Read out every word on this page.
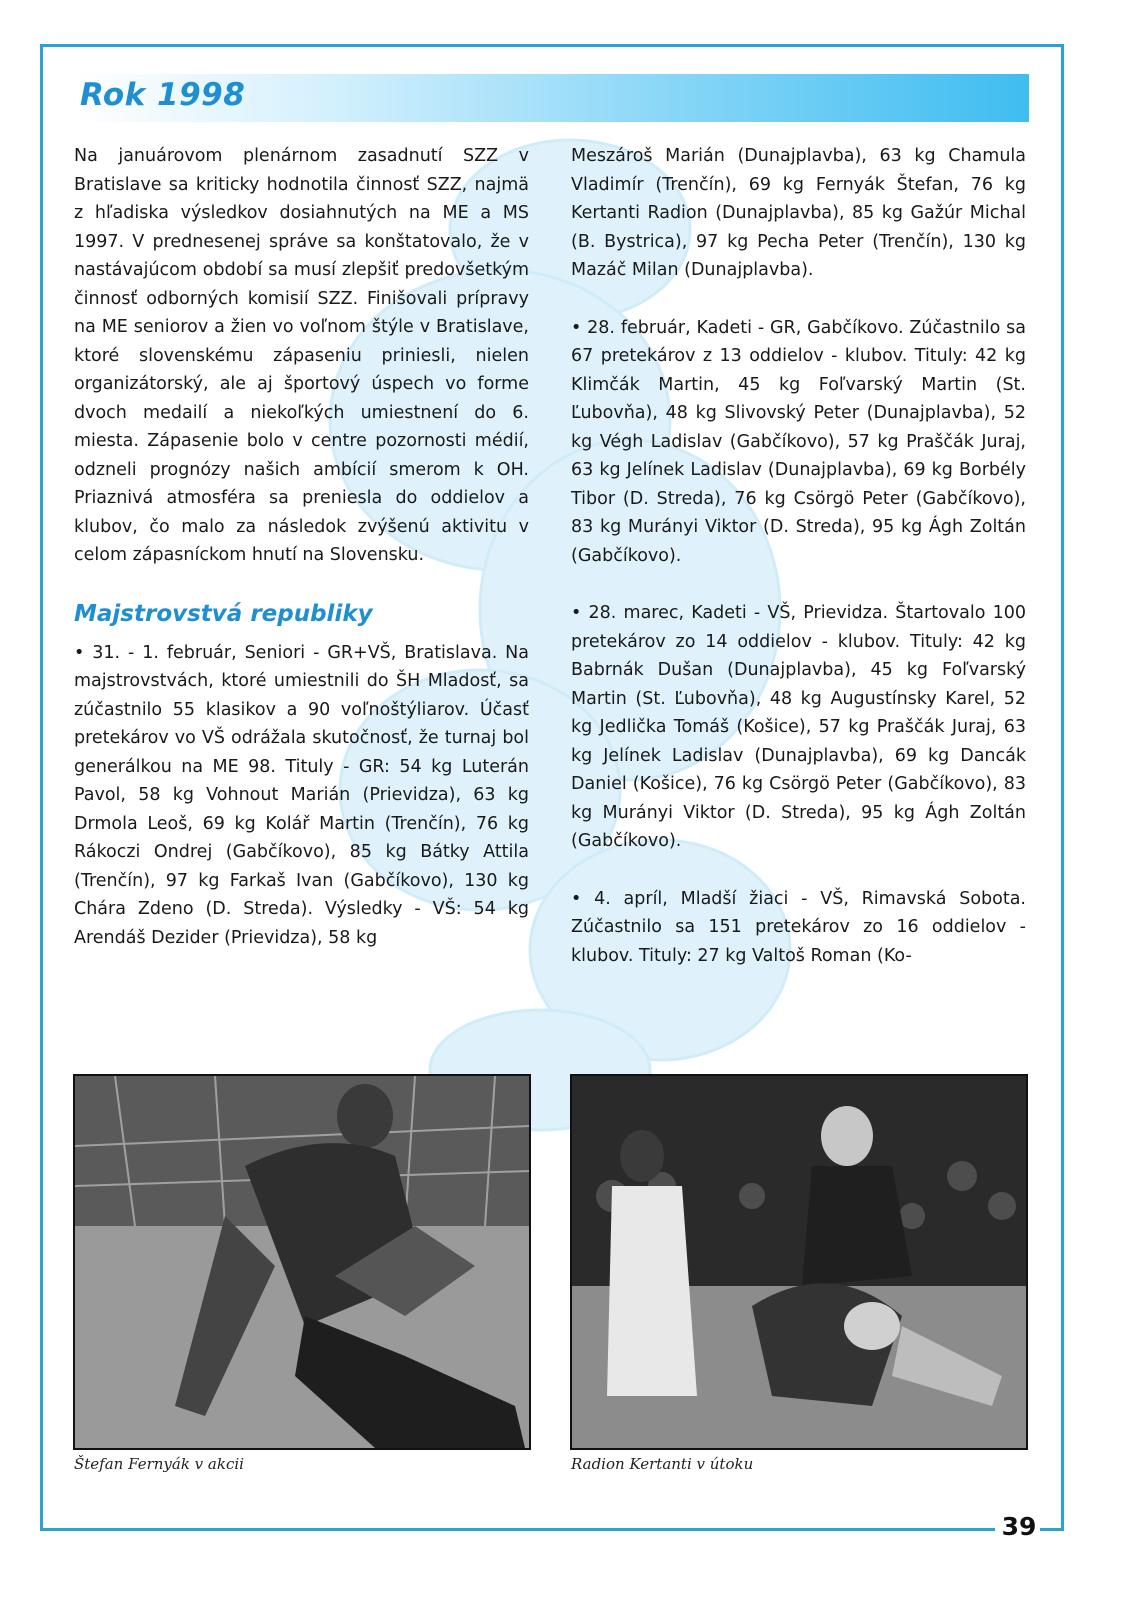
Rok 1998

Na januárovom plenárnom zasadnutí SZZ v Bratislave sa kriticky hodnotila činnosť SZZ, najmä z hľadiska výsledkov dosiahnutých na ME a MS 1997. V prednesenej správe sa konštatovalo, že v nastávajúcom období sa musí zlepšiť predovšetkým činnosť odborných komisií SZZ. Finišovali prípravy na ME seniorov a žien vo voľnom štýle v Bratislave, ktoré slovenskému zápaseniu priniesli, nielen organizátorský, ale aj športový úspech vo forme dvoch medailí a niekoľkých umiestnení do 6. miesta. Zápasenie bolo v centre pozornosti médií, odzneli prognózy našich ambícií smerom k OH. Priaznivá atmosféra sa preniesla do oddielov a klubov, čo malo za následok zvýšenú aktivitu v celom zápasníckom hnutí na Slovensku.

Majstrovstvá republiky

• 31. - 1. február, Seniori - GR+VŠ, Bratislava. Na majstrovstvách, ktoré umiestnili do ŠH Mladosť, sa zúčastnilo 55 klasikov a 90 voľnoštýliarov. Účasť pretekárov vo VŠ odrážala skutočnosť, že turnaj bol generálkou na ME 98. Tituly - GR: 54 kg Luterán Pavol, 58 kg Vohnout Marián (Prievidza), 63 kg Drmola Leoš, 69 kg Kolář Martin (Trenčín), 76 kg Rákoczi Ondrej (Gabčíkovo), 85 kg Bátky Attila (Trenčín), 97 kg Farkaš Ivan (Gabčíkovo), 130 kg Chára Zdeno (D. Streda). Výsledky - VŠ: 54 kg Arendáš Dezider (Prievidza), 58 kg

Meszároš Marián (Dunajplavba), 63 kg Chamula Vladimír (Trenčín), 69 kg Fernyák Štefan, 76 kg Kertanti Radion (Dunajplavba), 85 kg Gažúr Michal (B. Bystrica), 97 kg Pecha Peter (Trenčín), 130 kg Mazáč Milan (Dunajplavba).

• 28. február, Kadeti - GR, Gabčíkovo. Zúčastnilo sa 67 pretekárov z 13 oddielov - klubov. Tituly: 42 kg Klimčák Martin, 45 kg Foľvarský Martin (St. Ľubovňa), 48 kg Slivovský Peter (Dunajplavba), 52 kg Végh Ladislav (Gabčíkovo), 57 kg Praščák Juraj, 63 kg Jelínek Ladislav (Dunajplavba), 69 kg Borbély Tibor (D. Streda), 76 kg Csörgö Peter (Gabčíkovo), 83 kg Murányi Viktor (D. Streda), 95 kg Ágh Zoltán (Gabčíkovo).

• 28. marec, Kadeti - VŠ, Prievidza. Štartovalo 100 pretekárov zo 14 oddielov - klubov. Tituly: 42 kg Babrnák Dušan (Dunajplavba), 45 kg Foľvarský Martin (St. Ľubovňa), 48 kg Augustínsky Karel, 52 kg Jedlička Tomáš (Košice), 57 kg Praščák Juraj, 63 kg Jelínek Ladislav (Dunajplavba), 69 kg Dancák Daniel (Košice), 76 kg Csörgö Peter (Gabčíkovo), 83 kg Murányi Viktor (D. Streda), 95 kg Ágh Zoltán (Gabčíkovo).

• 4. apríl, Mladší žiaci - VŠ, Rimavská Sobota. Zúčastnilo sa 151 pretekárov zo 16 oddielov - klubov. Tituly: 27 kg Valtoš Roman (Ko-

Štefan Fernyák v akcii	Radion Kertanti v útoku
39
